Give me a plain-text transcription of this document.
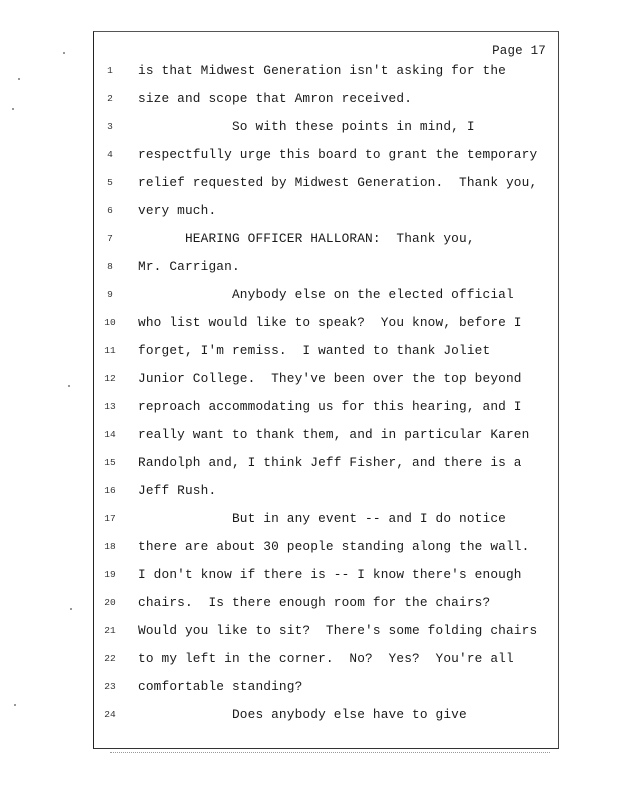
Page 17
1	is that Midwest Generation isn't asking for the
2	size and scope that Amron received.
3	So with these points in mind, I
4	respectfully urge this board to grant the temporary
5	relief requested by Midwest Generation.  Thank you,
6	very much.
7	HEARING OFFICER HALLORAN:  Thank you,
8	Mr. Carrigan.
9	Anybody else on the elected official
10	who list would like to speak?  You know, before I
11	forget, I'm remiss.  I wanted to thank Joliet
12	Junior College.  They've been over the top beyond
13	reproach accommodating us for this hearing, and I
14	really want to thank them, and in particular Karen
15	Randolph and, I think Jeff Fisher, and there is a
16	Jeff Rush.
17	But in any event -- and I do notice
18	there are about 30 people standing along the wall.
19	I don't know if there is -- I know there's enough
20	chairs.  Is there enough room for the chairs?
21	Would you like to sit?  There's some folding chairs
22	to my left in the corner.  No?  Yes?  You're all
23	comfortable standing?
24	Does anybody else have to give
